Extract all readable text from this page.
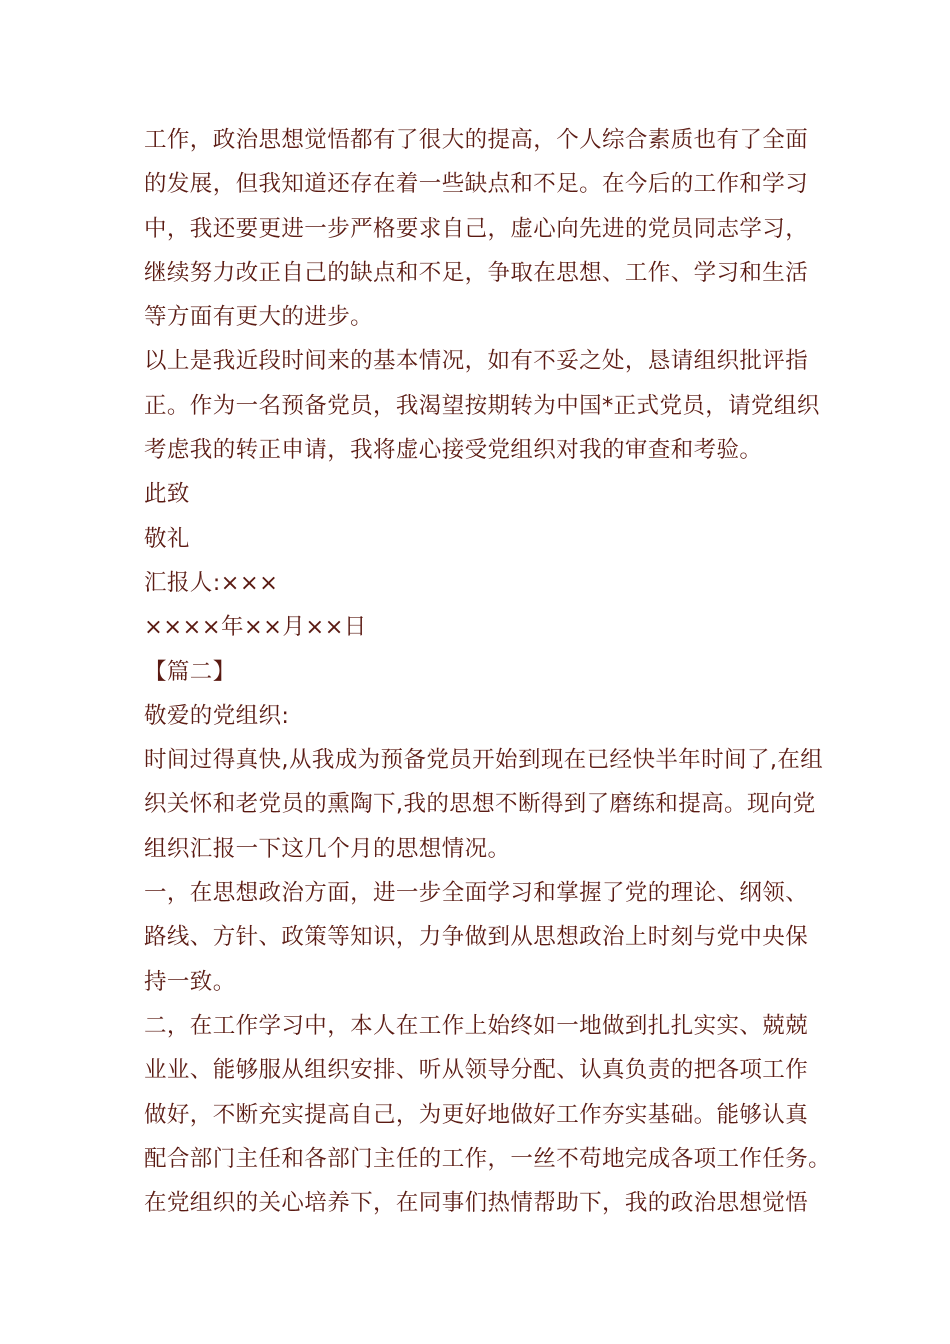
工作，政治思想觉悟都有了很大的提高，个人综合素质也有了全面
的发展，但我知道还存在着一些缺点和不足。在今后的工作和学习
中，我还要更进一步严格要求自己，虚心向先进的党员同志学习，
继续努力改正自己的缺点和不足，争取在思想、工作、学习和生活
等方面有更大的进步。
以上是我近段时间来的基本情况，如有不妥之处，恳请组织批评指
正。作为一名预备党员，我渴望按期转为中国*正式党员，请党组织
考虑我的转正申请，我将虚心接受党组织对我的审查和考验。
此致
敬礼
汇报人:×××
××××年××月××日
【篇二】
敬爱的党组织:
时间过得真快,从我成为预备党员开始到现在已经快半年时间了,在组
织关怀和老党员的熏陶下,我的思想不断得到了磨练和提高。现向党
组织汇报一下这几个月的思想情况。
一，在思想政治方面，进一步全面学习和掌握了党的理论、纲领、
路线、方针、政策等知识，力争做到从思想政治上时刻与党中央保
持一致。
二，在工作学习中，本人在工作上始终如一地做到扎扎实实、兢兢
业业、能够服从组织安排、听从领导分配、认真负责的把各项工作
做好，不断充实提高自己，为更好地做好工作夯实基础。能够认真
配合部门主任和各部门主任的工作，一丝不苟地完成各项工作任务。
在党组织的关心培养下，在同事们热情帮助下，我的政治思想觉悟
